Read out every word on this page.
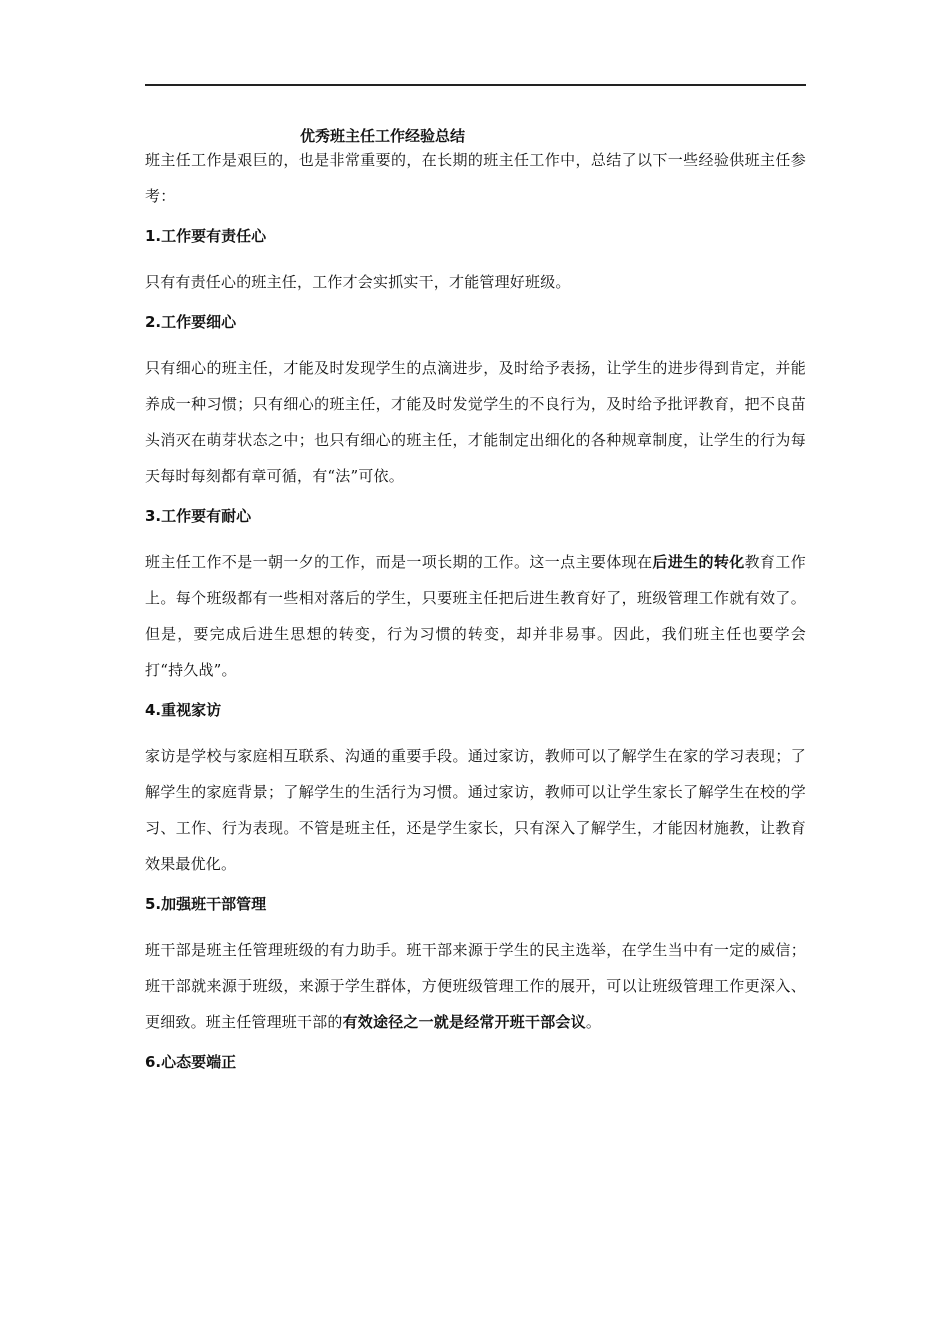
优秀班主任工作经验总结

班主任工作是艰巨的，也是非常重要的，在长期的班主任工作中，总结了以下一些经验供班主任参考：

1.工作要有责任心

只有有责任心的班主任，工作才会实抓实干，才能管理好班级。

2.工作要细心

只有细心的班主任，才能及时发现学生的点滴进步，及时给予表扬，让学生的进步得到肯定，并能养成一种习惯；只有细心的班主任，才能及时发觉学生的不良行为，及时给予批评教育，把不良苗头消灭在萌芽状态之中；也只有细心的班主任，才能制定出细化的各种规章制度，让学生的行为每天每时每刻都有章可循，有“法”可依。

3.工作要有耐心

班主任工作不是一朝一夕的工作，而是一项长期的工作。这一点主要体现在后进生的转化教育工作上。每个班级都有一些相对落后的学生，只要班主任把后进生教育好了，班级管理工作就有效了。但是，要完成后进生思想的转变，行为习惯的转变，却并非易事。因此，我们班主任也要学会打“持久战”。

4.重视家访

家访是学校与家庭相互联系、沟通的重要手段。通过家访，教师可以了解学生在家的学习表现；了解学生的家庭背景；了解学生的生活行为习惯。通过家访，教师可以让学生家长了解学生在校的学习、工作、行为表现。不管是班主任，还是学生家长，只有深入了解学生，才能因材施教，让教育效果最优化。

5.加强班干部管理

班干部是班主任管理班级的有力助手。班干部来源于学生的民主选举，在学生当中有一定的威信；班干部就来源于班级，来源于学生群体，方便班级管理工作的展开，可以让班级管理工作更深入、更细致。班主任管理班干部的有效途径之一就是经常开班干部会议。

6.心态要端正
